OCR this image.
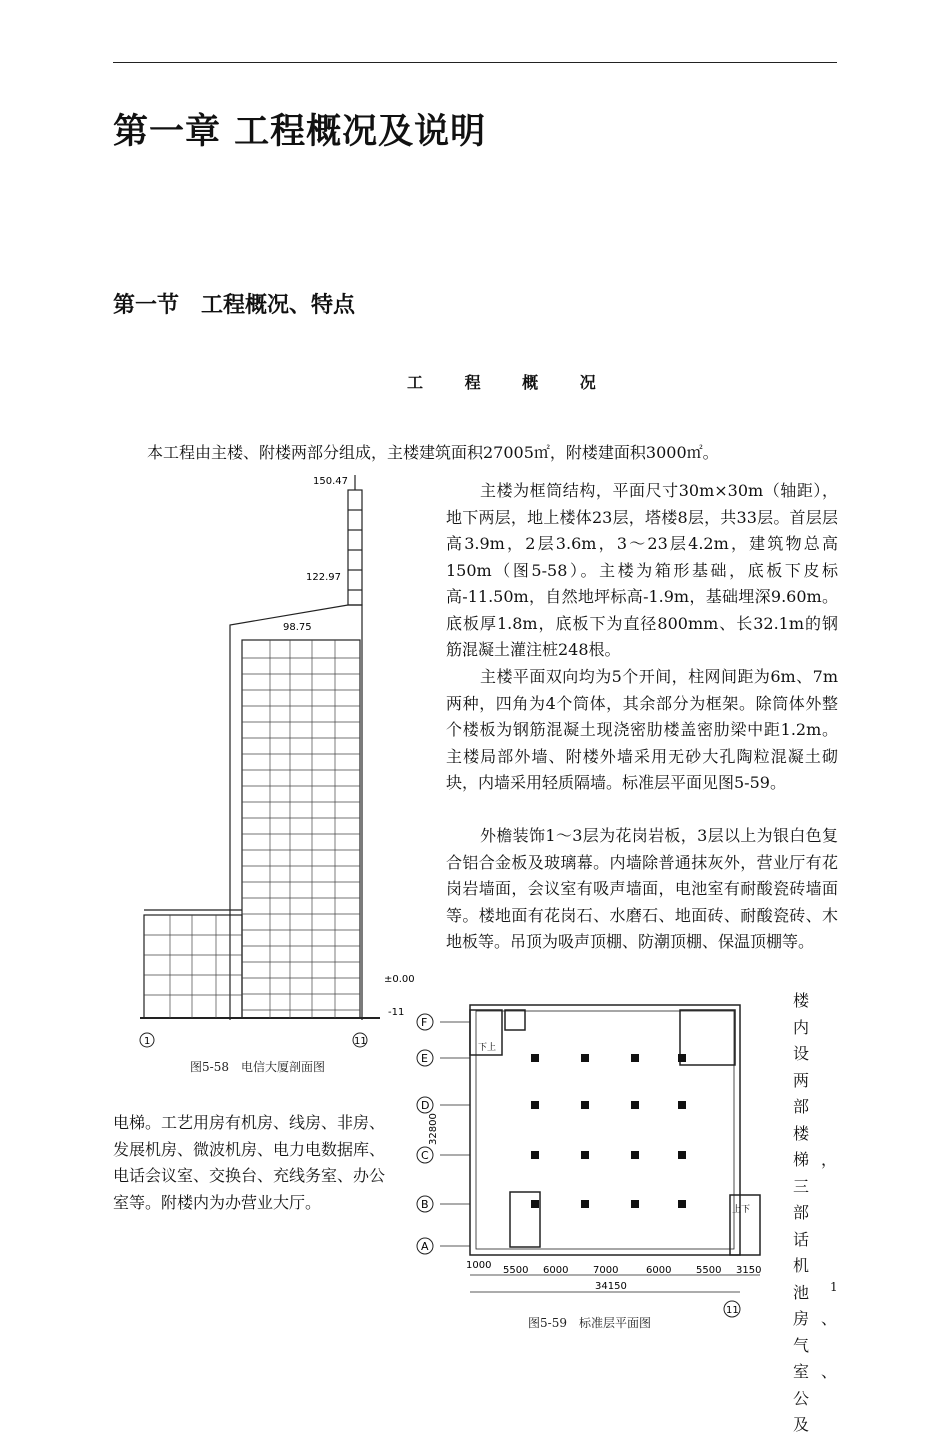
第一章 工程概况及说明
第一节　工程概况、特点
工 程 概 况
本工程由主楼、附楼两部分组成，主楼建筑面积27005㎡，附楼建面积3000㎡。
主楼为框筒结构，平面尺寸30m×30m（轴距），地下两层，地上楼体23层，塔楼8层，共33层。首层层高3.9m，2层3.6m，3～23层4.2m，建筑物总高150m（图5-58）。主楼为箱形基础，底板下皮标高-11.50m，自然地坪标高-1.9m，基础埋深9.60m。底板厚1.8m，底板下为直径800mm、长32.1m的钢筋混凝土灌注桩248根。
主楼平面双向均为5个开间，柱网间距为6m、7m两种，四角为4个筒体，其余部分为框架。除筒体外整个楼板为钢筋混凝土现浇密肋楼盖密肋梁中距1.2m。主楼局部外墙、附楼外墙采用无砂大孔陶粒混凝土砌块，内墙采用轻质隔墙。标准层平面见图5-59。
外檐装饰1～3层为花岗岩板，3层以上为银白色复合铝合金板及玻璃幕。内墙除普通抹灰外，营业厅有花岗岩墙面，会议室有吸声墙面，电池室有耐酸瓷砖墙面等。楼地面有花岗石、水磨石、地面砖、耐酸瓷砖、木地板等。吊顶为吸声顶棚、防潮顶棚、保温顶棚等。
楼内设两部楼梯，三部话机池房、气室、公及
电梯。工艺用房有机房、线房、非房、发展机房、微波机房、电力电数据库、电话会议室、交换台、充线务室、办公室等。附楼内为办营业大厅。
150.47
122.97
98.75
±0.00
-11
1	11
图5-58　电信大厦剖面图
F
E
D
C
B
A
32800
下上
上下
1000 5500 6000 7000	6000 5500 3150
34150
11
图5-59　标准层平面图
1
